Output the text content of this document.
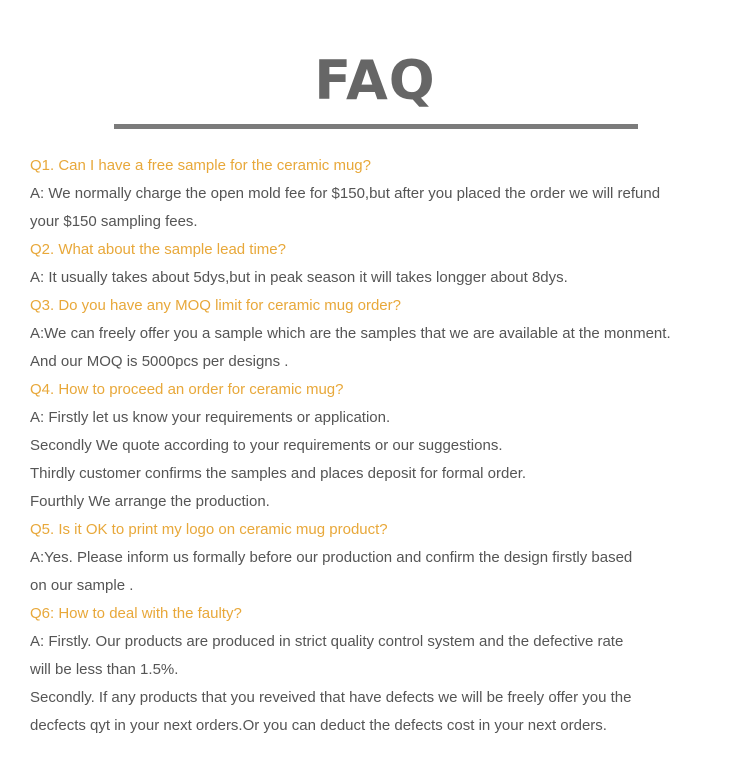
FAQ
Q1. Can I have a free sample for the ceramic mug?
A: We normally charge the open mold fee for $150,but after you placed the order we will refund
your $150 sampling fees.
Q2. What about the sample lead time?
A: It usually takes about 5dys,but in peak season it will takes longger about 8dys.
Q3. Do you have any MOQ limit for ceramic mug order?
A:We can freely offer you a sample which are the samples that we are available at the monment.
And our MOQ is 5000pcs per designs .
Q4. How to proceed an order for ceramic mug?
A: Firstly let us know your requirements or application.
Secondly We quote according to your requirements or our suggestions.
Thirdly customer confirms the samples and places deposit for formal order.
Fourthly We arrange the production.
Q5. Is it OK to print my logo on ceramic mug product?
A:Yes. Please inform us formally before our production and confirm the design firstly based
on our sample .
Q6: How to deal with the faulty?
A: Firstly. Our products are produced in strict quality control system and the defective rate
will be less than 1.5%.
Secondly. If any products that you reveived that have defects we will be freely offer you the
decfects qyt in your next orders.Or you can deduct the defects cost in your next orders.
